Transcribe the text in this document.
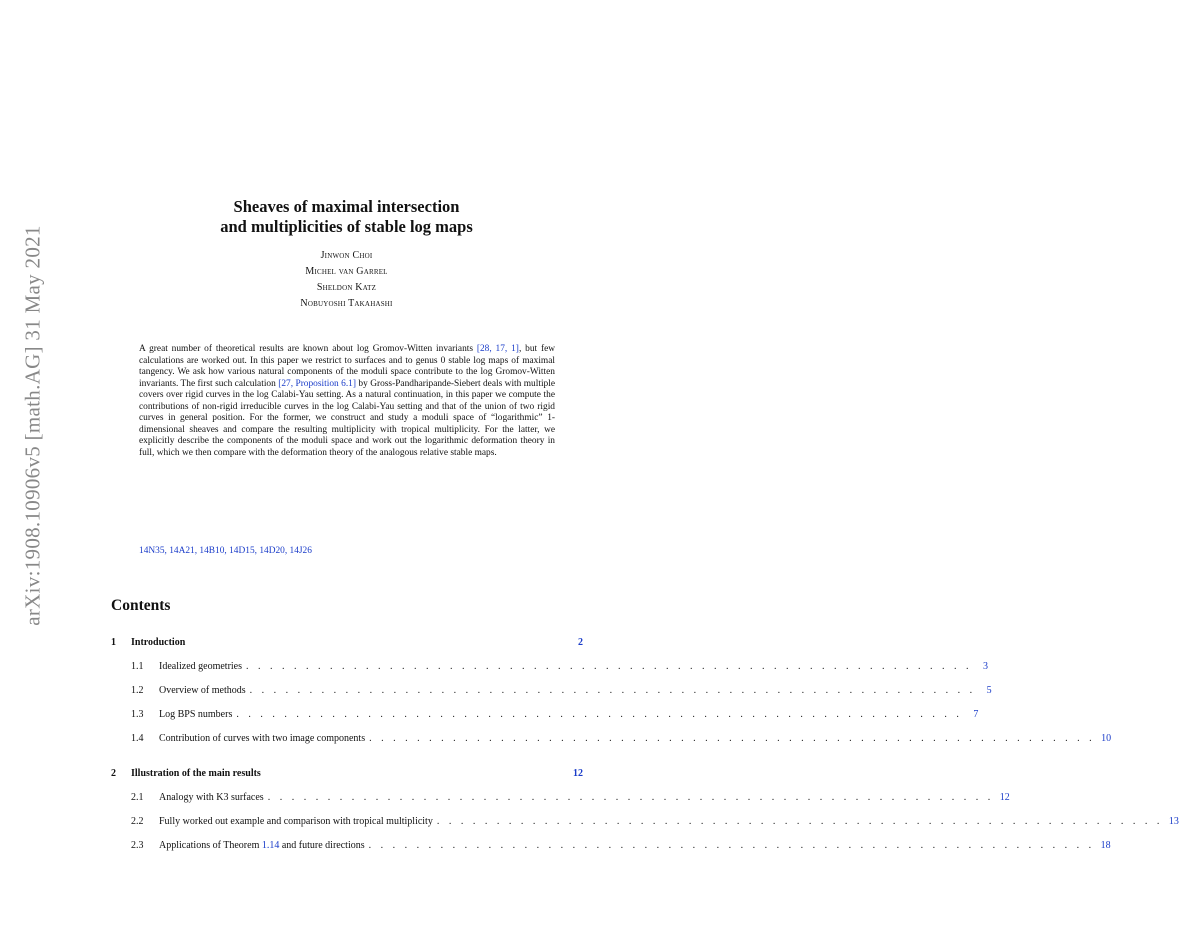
arXiv:1908.10906v5 [math.AG] 31 May 2021
Sheaves of maximal intersection
and multiplicities of stable log maps
Jinwon Choi
Michel van Garrel
Sheldon Katz
Nobuyoshi Takahashi
A great number of theoretical results are known about log Gromov-Witten invariants [28, 17, 1], but few calculations are worked out. In this paper we restrict to surfaces and to genus 0 stable log maps of maximal tangency. We ask how various natural components of the moduli space contribute to the log Gromov-Witten invariants. The first such calculation [27, Proposition 6.1] by Gross-Pandharipande-Siebert deals with multiple covers over rigid curves in the log Calabi-Yau setting. As a natural continuation, in this paper we compute the contributions of non-rigid irreducible curves in the log Calabi-Yau setting and that of the union of two rigid curves in general position. For the former, we construct and study a moduli space of “logarithmic” 1-dimensional sheaves and compare the resulting multiplicity with tropical multiplicity. For the latter, we explicitly describe the components of the moduli space and work out the logarithmic deformation theory in full, which we then compare with the deformation theory of the analogous relative stable maps.
14N35, 14A21, 14B10, 14D15, 14D20, 14J26
Contents
1	Introduction	2
1.1	Idealized geometries . . . . . . . . . . . . . . . . . . . . . . . . . . . . . . . . . . . . . . . . . . . . . . . . . . . . . . . . . . . . .	3
1.2	Overview of methods . . . . . . . . . . . . . . . . . . . . . . . . . . . . . . . . . . . . . . . . . . . . . . . . . . . . . . . . . . . . .	5
1.3	Log BPS numbers . . . . . . . . . . . . . . . . . . . . . . . . . . . . . . . . . . . . . . . . . . . . . . . . . . . . . . . . . . . . .	7
1.4	Contribution of curves with two image components . . . . . . . . . . . . . . . . . . . . . . . . . . . . . . . . . . . . . . . . . . . . . . . . . . . . . . . . . . . . . 10
2	Illustration of the main results	12
2.1	Analogy with K3 surfaces . . . . . . . . . . . . . . . . . . . . . . . . . . . . . . . . . . . . . . . . . . . . . . . . . . . . . . . . . . . . . 12
2.2	Fully worked out example and comparison with tropical multiplicity . . . . . . . . . . . . . . . . . . . . . . . . . . . . . . . . . . . . . . . . . . . . . . . . . . . . . . . . . . . . . 13
2.3	Applications of Theorem 1.14 and future directions . . . . . . . . . . . . . . . . . . . . . . . . . . . . . . . . . . . . . . . . . . . . . . . . . . . . . . . . . . . . . 18
